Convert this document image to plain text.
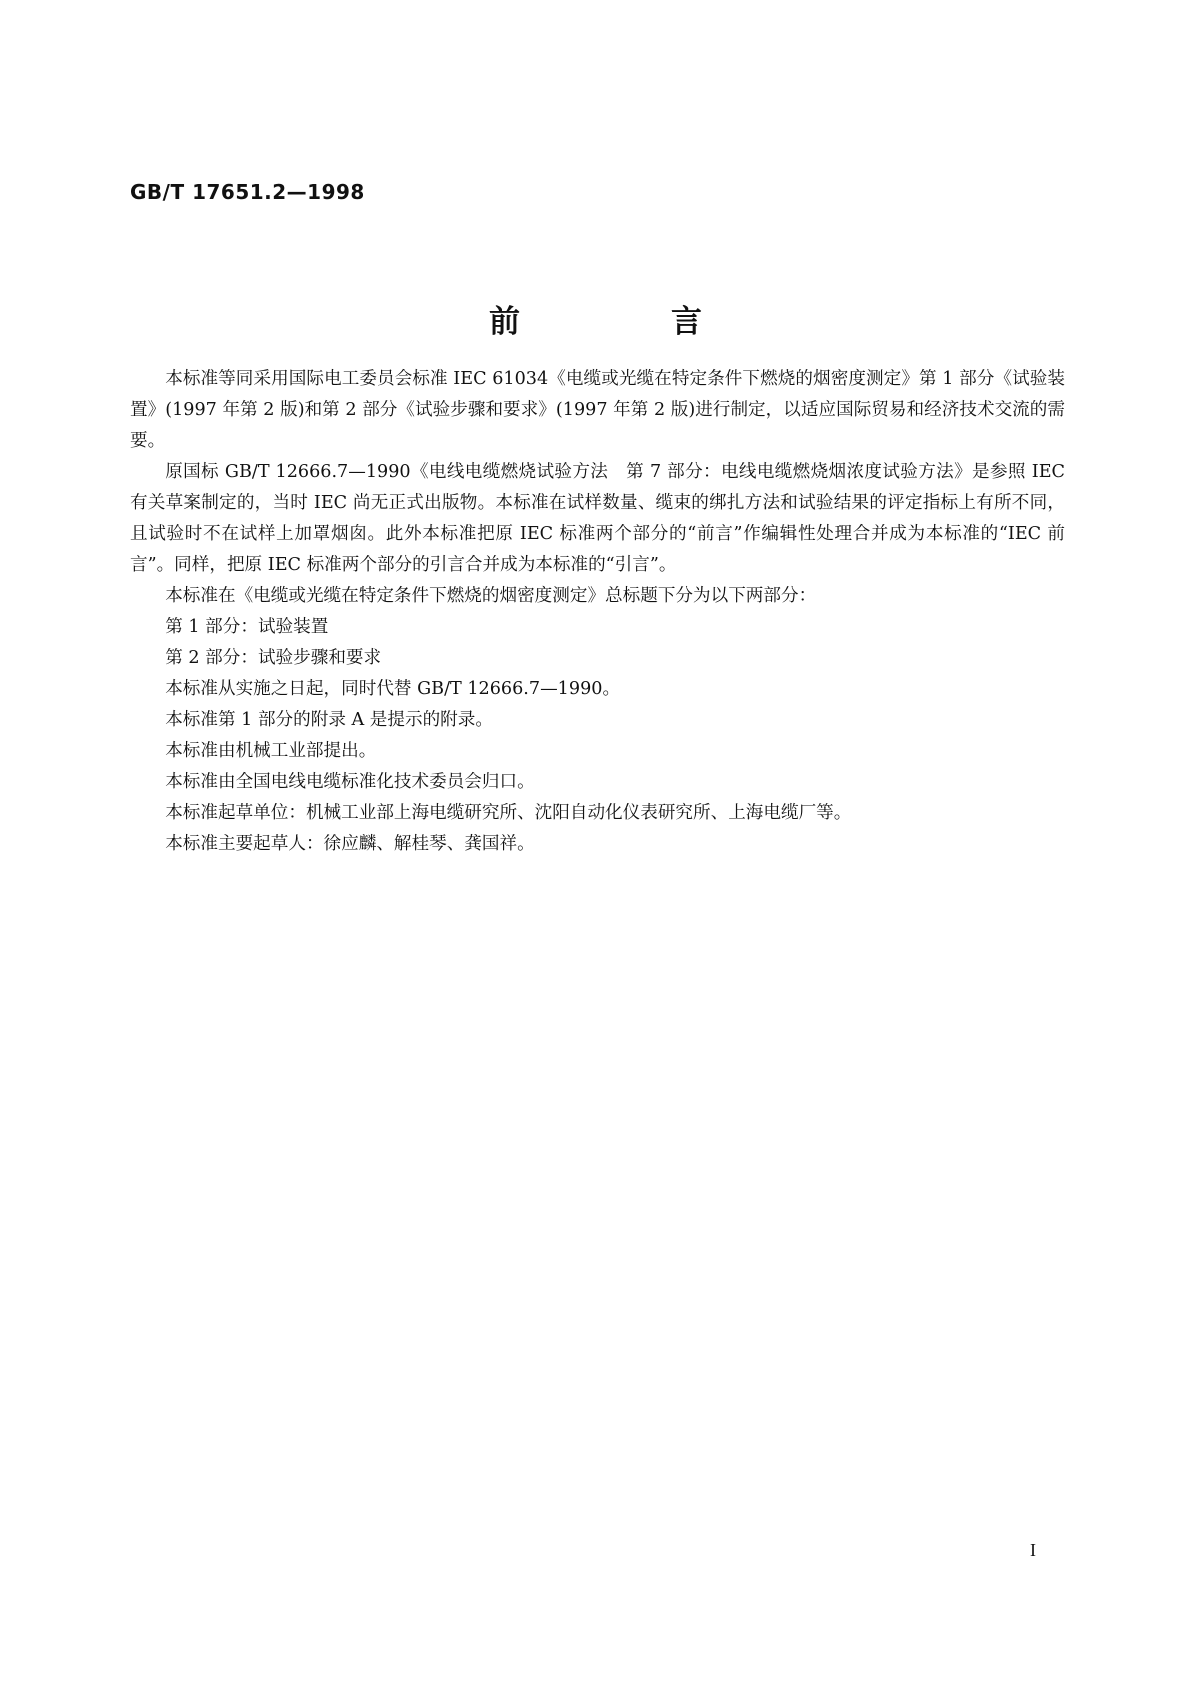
GB/T 17651.2—1998
前　言

本标准等同采用国际电工委员会标准 IEC 61034《电缆或光缆在特定条件下燃烧的烟密度测定》第 1 部分《试验装置》(1997 年第 2 版)和第 2 部分《试验步骤和要求》(1997 年第 2 版)进行制定，以适应国际贸易和经济技术交流的需要。

原国标 GB/T 12666.7—1990《电线电缆燃烧试验方法　第 7 部分：电线电缆燃烧烟浓度试验方法》是参照 IEC 有关草案制定的，当时 IEC 尚无正式出版物。本标准在试样数量、缆束的绑扎方法和试验结果的评定指标上有所不同，且试验时不在试样上加罩烟囱。此外本标准把原 IEC 标准两个部分的“前言”作编辑性处理合并成为本标准的“IEC 前言”。同样，把原 IEC 标准两个部分的引言合并成为本标准的“引言”。

本标准在《电缆或光缆在特定条件下燃烧的烟密度测定》总标题下分为以下两部分：

第 1 部分：试验装置

第 2 部分：试验步骤和要求

本标准从实施之日起，同时代替 GB/T 12666.7—1990。

本标准第 1 部分的附录 A 是提示的附录。

本标准由机械工业部提出。

本标准由全国电线电缆标准化技术委员会归口。

本标准起草单位：机械工业部上海电缆研究所、沈阳自动化仪表研究所、上海电缆厂等。

本标准主要起草人：徐应麟、解桂琴、龚国祥。

I
